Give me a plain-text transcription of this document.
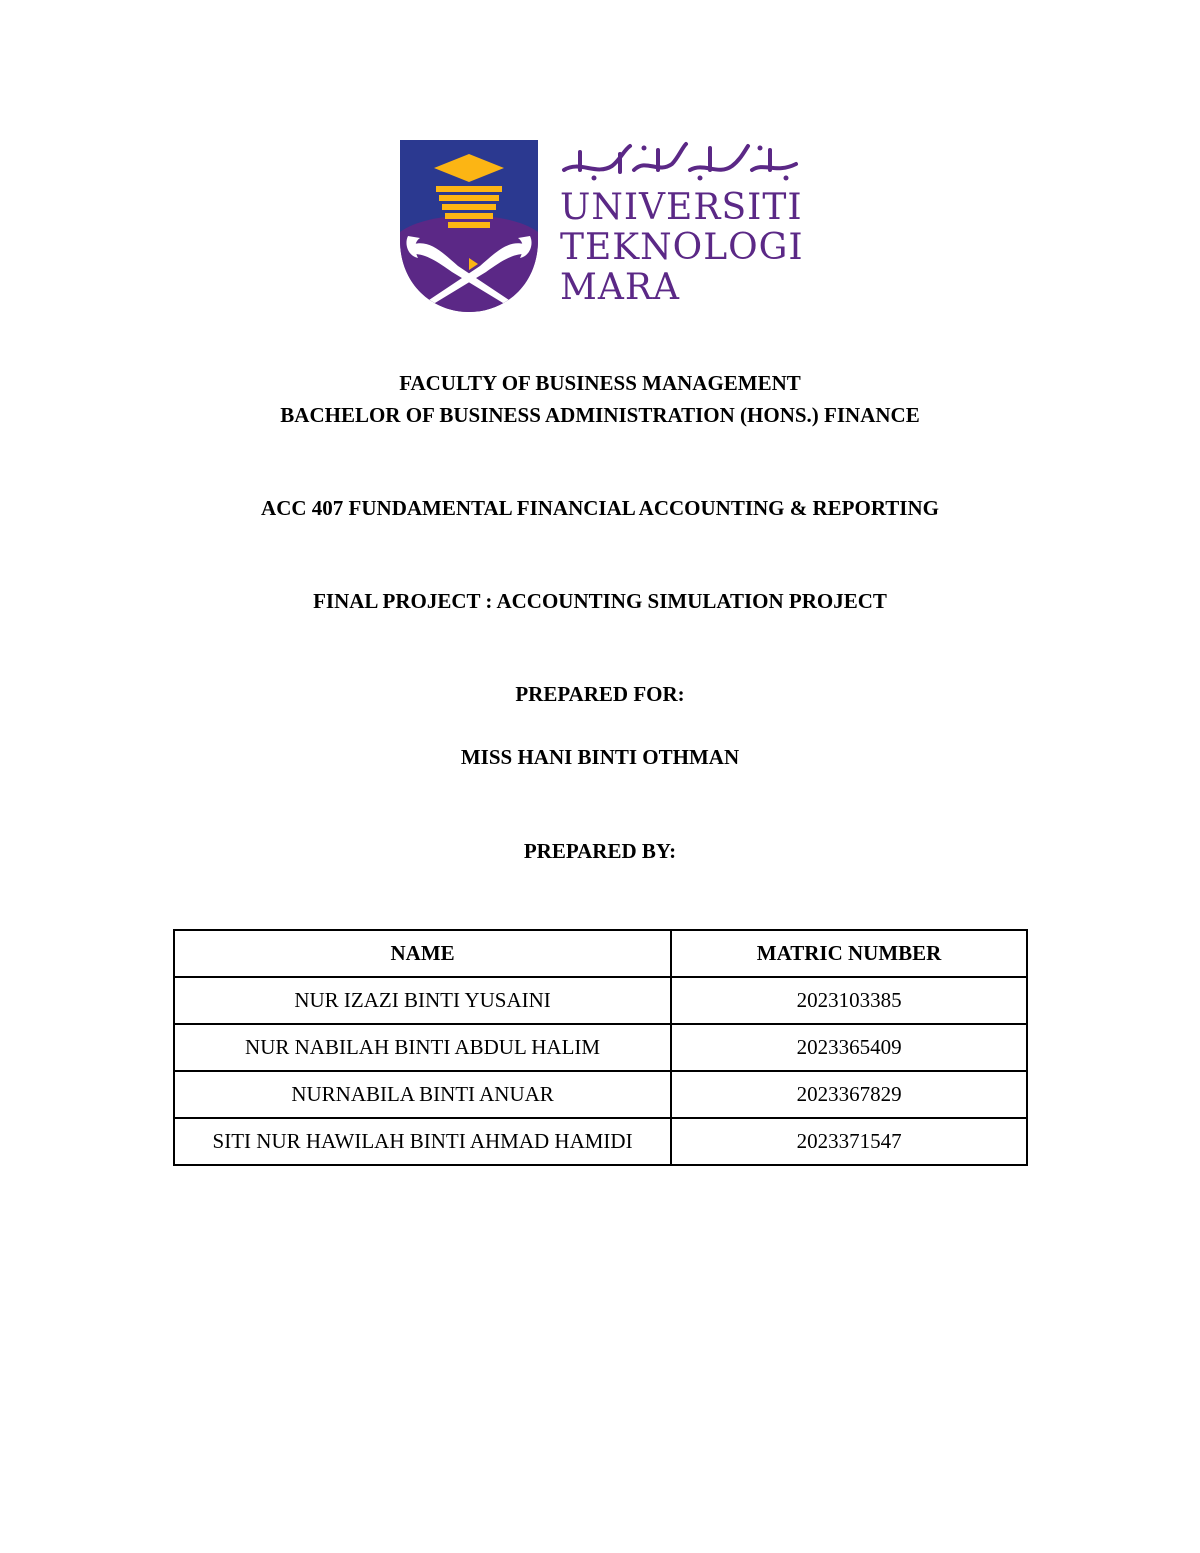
UNIVERSITI
TEKNOLOGI
MARA
FACULTY OF BUSINESS MANAGEMENT
BACHELOR OF BUSINESS ADMINISTRATION (HONS.) FINANCE
ACC 407 FUNDAMENTAL FINANCIAL ACCOUNTING & REPORTING
FINAL PROJECT : ACCOUNTING SIMULATION PROJECT
PREPARED FOR:
MISS HANI BINTI OTHMAN
PREPARED BY:
NAME	MATRIC NUMBER
NUR IZAZI BINTI YUSAINI	2023103385
NUR NABILAH BINTI ABDUL HALIM	2023365409
NURNABILA BINTI ANUAR	2023367829
SITI NUR HAWILAH BINTI AHMAD HAMIDI	2023371547
